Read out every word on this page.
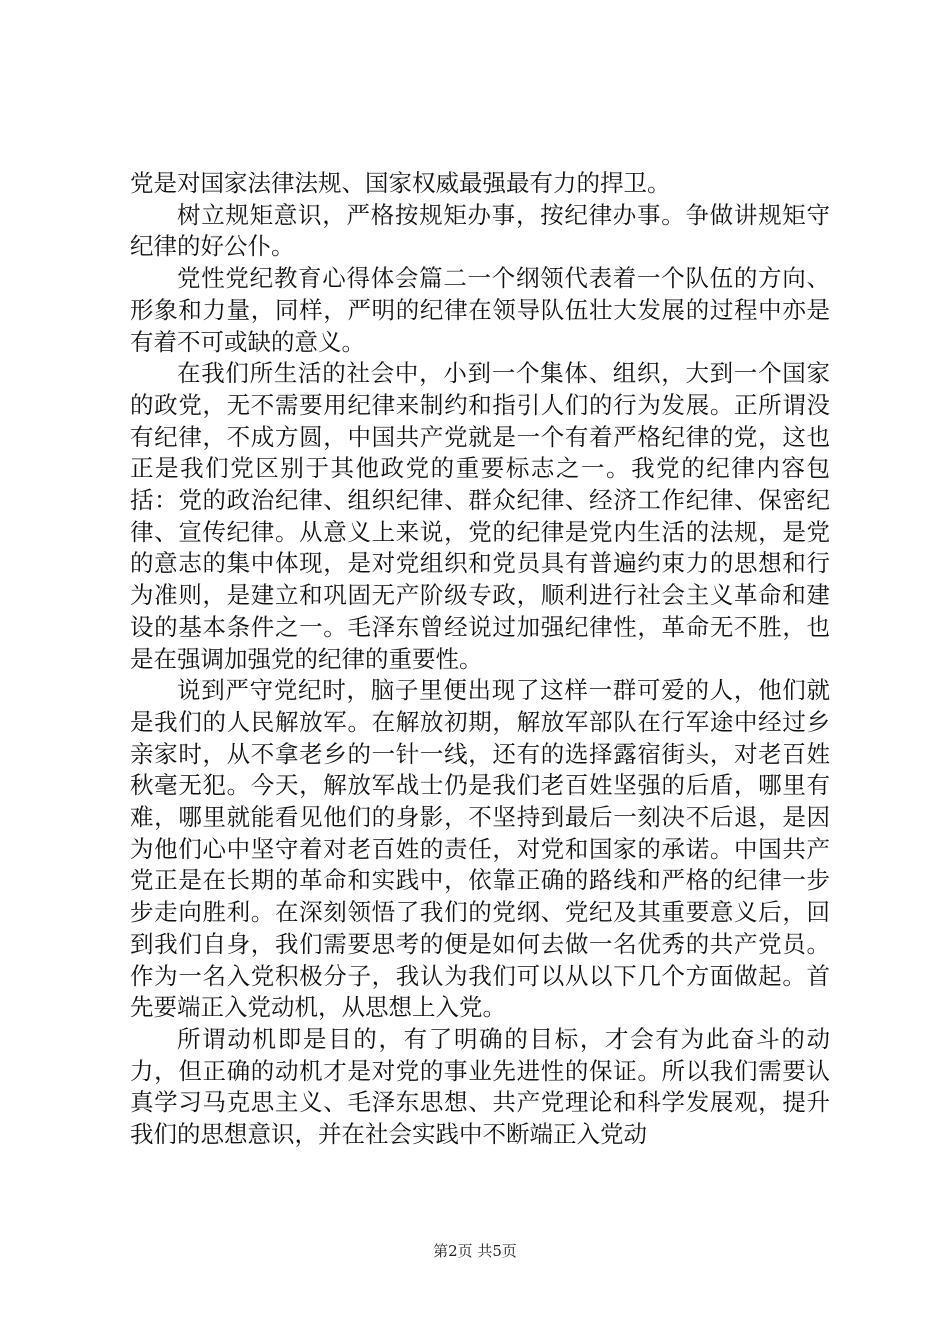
党是对国家法律法规、国家权威最强最有力的捍卫。

树立规矩意识，严格按规矩办事，按纪律办事。争做讲规矩守纪律的好公仆。

党性党纪教育心得体会篇二一个纲领代表着一个队伍的方向、形象和力量，同样，严明的纪律在领导队伍壮大发展的过程中亦是有着不可或缺的意义。

在我们所生活的社会中，小到一个集体、组织，大到一个国家的政党，无不需要用纪律来制约和指引人们的行为发展。正所谓没有纪律，不成方圆，中国共产党就是一个有着严格纪律的党，这也正是我们党区别于其他政党的重要标志之一。我党的纪律内容包括：党的政治纪律、组织纪律、群众纪律、经济工作纪律、保密纪律、宣传纪律。从意义上来说，党的纪律是党内生活的法规，是党的意志的集中体现，是对党组织和党员具有普遍约束力的思想和行为准则，是建立和巩固无产阶级专政，顺利进行社会主义革命和建设的基本条件之一。毛泽东曾经说过加强纪律性，革命无不胜，也是在强调加强党的纪律的重要性。

说到严守党纪时，脑子里便出现了这样一群可爱的人，他们就是我们的人民解放军。在解放初期，解放军部队在行军途中经过乡亲家时，从不拿老乡的一针一线，还有的选择露宿街头，对老百姓秋毫无犯。今天，解放军战士仍是我们老百姓坚强的后盾，哪里有难，哪里就能看见他们的身影，不坚持到最后一刻决不后退，是因为他们心中坚守着对老百姓的责任，对党和国家的承诺。中国共产党正是在长期的革命和实践中，依靠正确的路线和严格的纪律一步步走向胜利。在深刻领悟了我们的党纲、党纪及其重要意义后，回到我们自身，我们需要思考的便是如何去做一名优秀的共产党员。作为一名入党积极分子，我认为我们可以从以下几个方面做起。首先要端正入党动机，从思想上入党。

所谓动机即是目的，有了明确的目标，才会有为此奋斗的动力，但正确的动机才是对党的事业先进性的保证。所以我们需要认真学习马克思主义、毛泽东思想、共产党理论和科学发展观，提升我们的思想意识，并在社会实践中不断端正入党动

第2页 共5页
